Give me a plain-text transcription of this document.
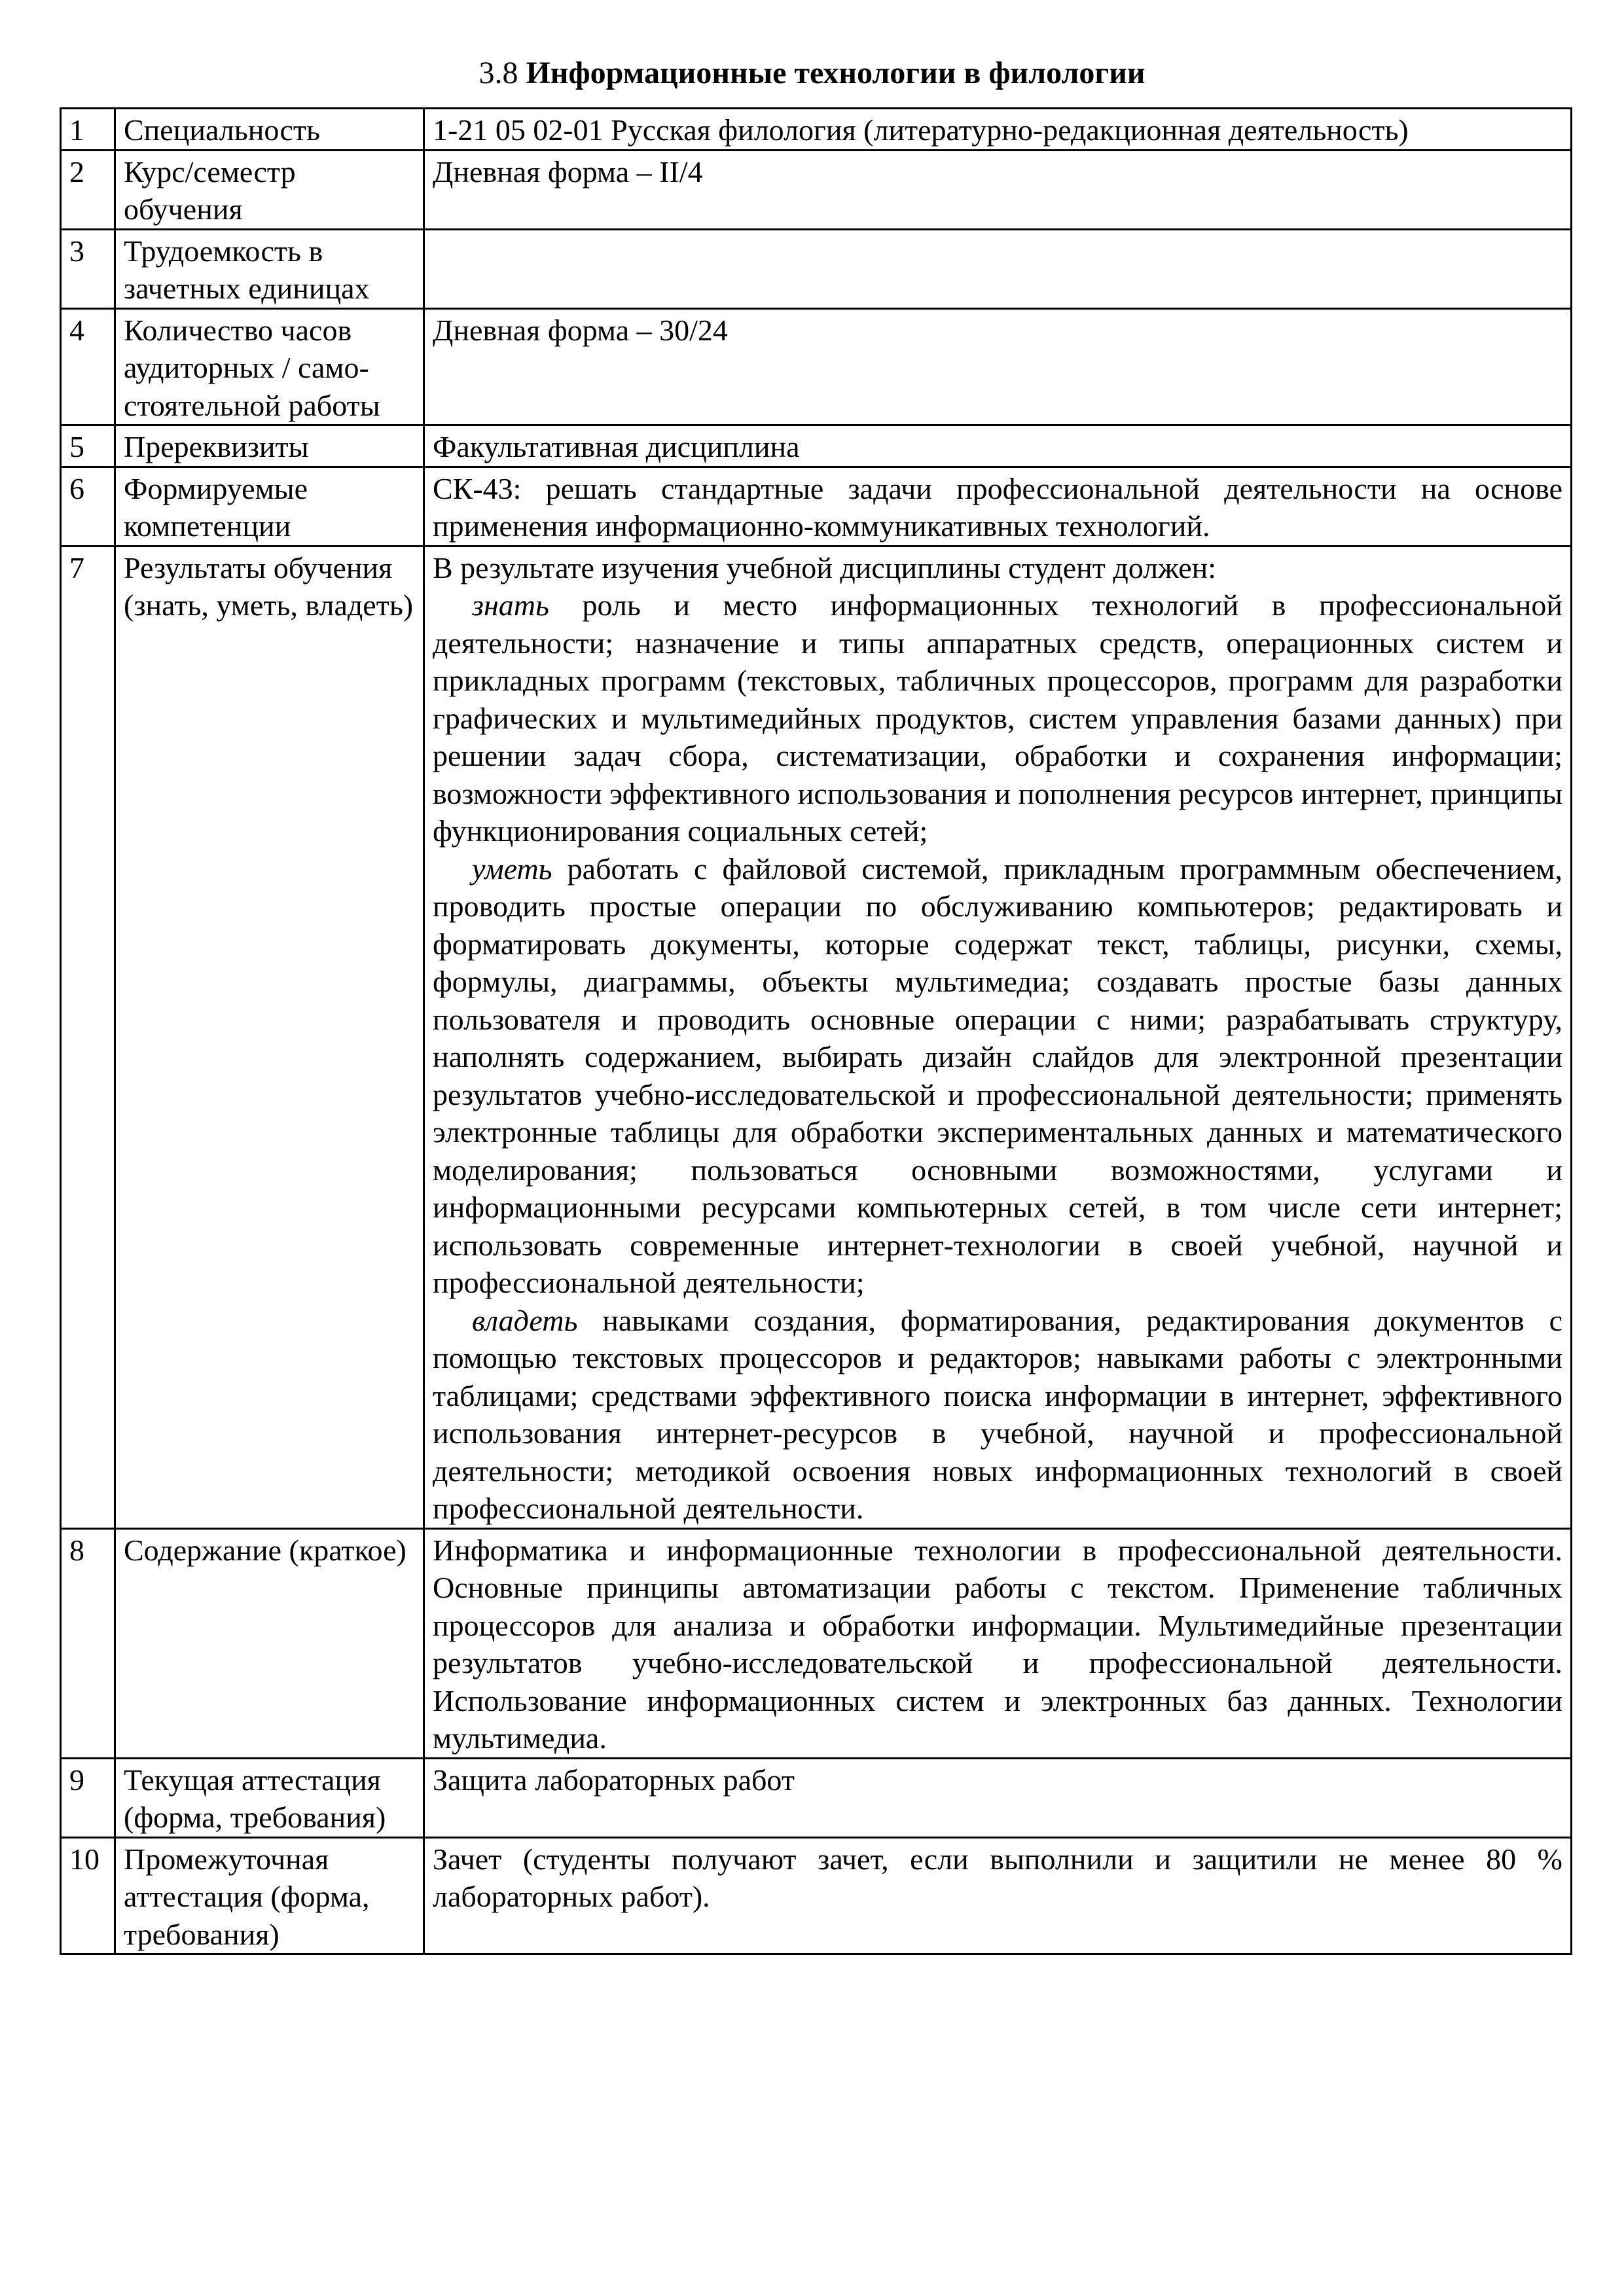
3.8 Информационные технологии в филологии
1	Специальность	1-21 05 02-01 Русская филология (литературно-редакционная деятельность)

2	Курс/семестр обучения	Дневная форма – II/4

3	Трудоемкость в зачетных единицах	

4	Количество часов аудиторных / само-стоятельной работы	Дневная форма – 30/24

5	Пререквизиты	Факультативная дисциплина

6	Формируемые компетенции	СК-43: решать стандартные задачи профессиональной деятельности на основе применения информационно-коммуникативных технологий.

7	Результаты обучения (знать, уметь, владеть)	В результате изучения учебной дисциплины студент должен:

знать роль и место информационных технологий в профессиональной деятельности; назначение и типы аппаратных средств, операционных систем и прикладных программ (текстовых, табличных процессоров, программ для разработки графических и мультимедийных продуктов, систем управления базами данных) при решении задач сбора, систематизации, обработки и сохранения информации; возможности эффективного использования и пополнения ресурсов интернет, принципы функционирования социальных сетей;

уметь работать с файловой системой, прикладным программным обеспечением, проводить простые операции по обслуживанию компьютеров; редактировать и форматировать документы, которые содержат текст, таблицы, рисунки, схемы, формулы, диаграммы, объекты мультимедиа; создавать простые базы данных пользователя и проводить основные операции с ними; разрабатывать структуру, наполнять содержанием, выбирать дизайн слайдов для электронной презентации результатов учебно-исследовательской и профессиональной деятельности; применять электронные таблицы для обработки экспериментальных данных и математического моделирования; пользоваться основными возможностями, услугами и информационными ресурсами компьютерных сетей, в том числе сети интернет; использовать современные интернет-технологии в своей учебной, научной и профессиональной деятельности;

владеть навыками создания, форматирования, редактирования документов с помощью текстовых процессоров и редакторов; навыками работы с электронными таблицами; средствами эффективного поиска информации в интернет, эффективного использования интернет-ресурсов в учебной, научной и профессиональной деятельности; методикой освоения новых информационных технологий в своей профессиональной деятельности.

8	Содержание (краткое)	Информатика и информационные технологии в профессиональной деятельности. Основные принципы автоматизации работы с текстом. Применение табличных процессоров для анализа и обработки информации. Мультимедийные презентации результатов учебно-исследовательской и профессиональной деятельности. Использование информационных систем и электронных баз данных. Технологии мультимедиа.

9	Текущая аттестация (форма, требования)	Защита лабораторных работ

10	Промежуточная аттестация (форма, требования)	Зачет (студенты получают зачет, если выполнили и защитили не менее 80 % лабораторных работ).
